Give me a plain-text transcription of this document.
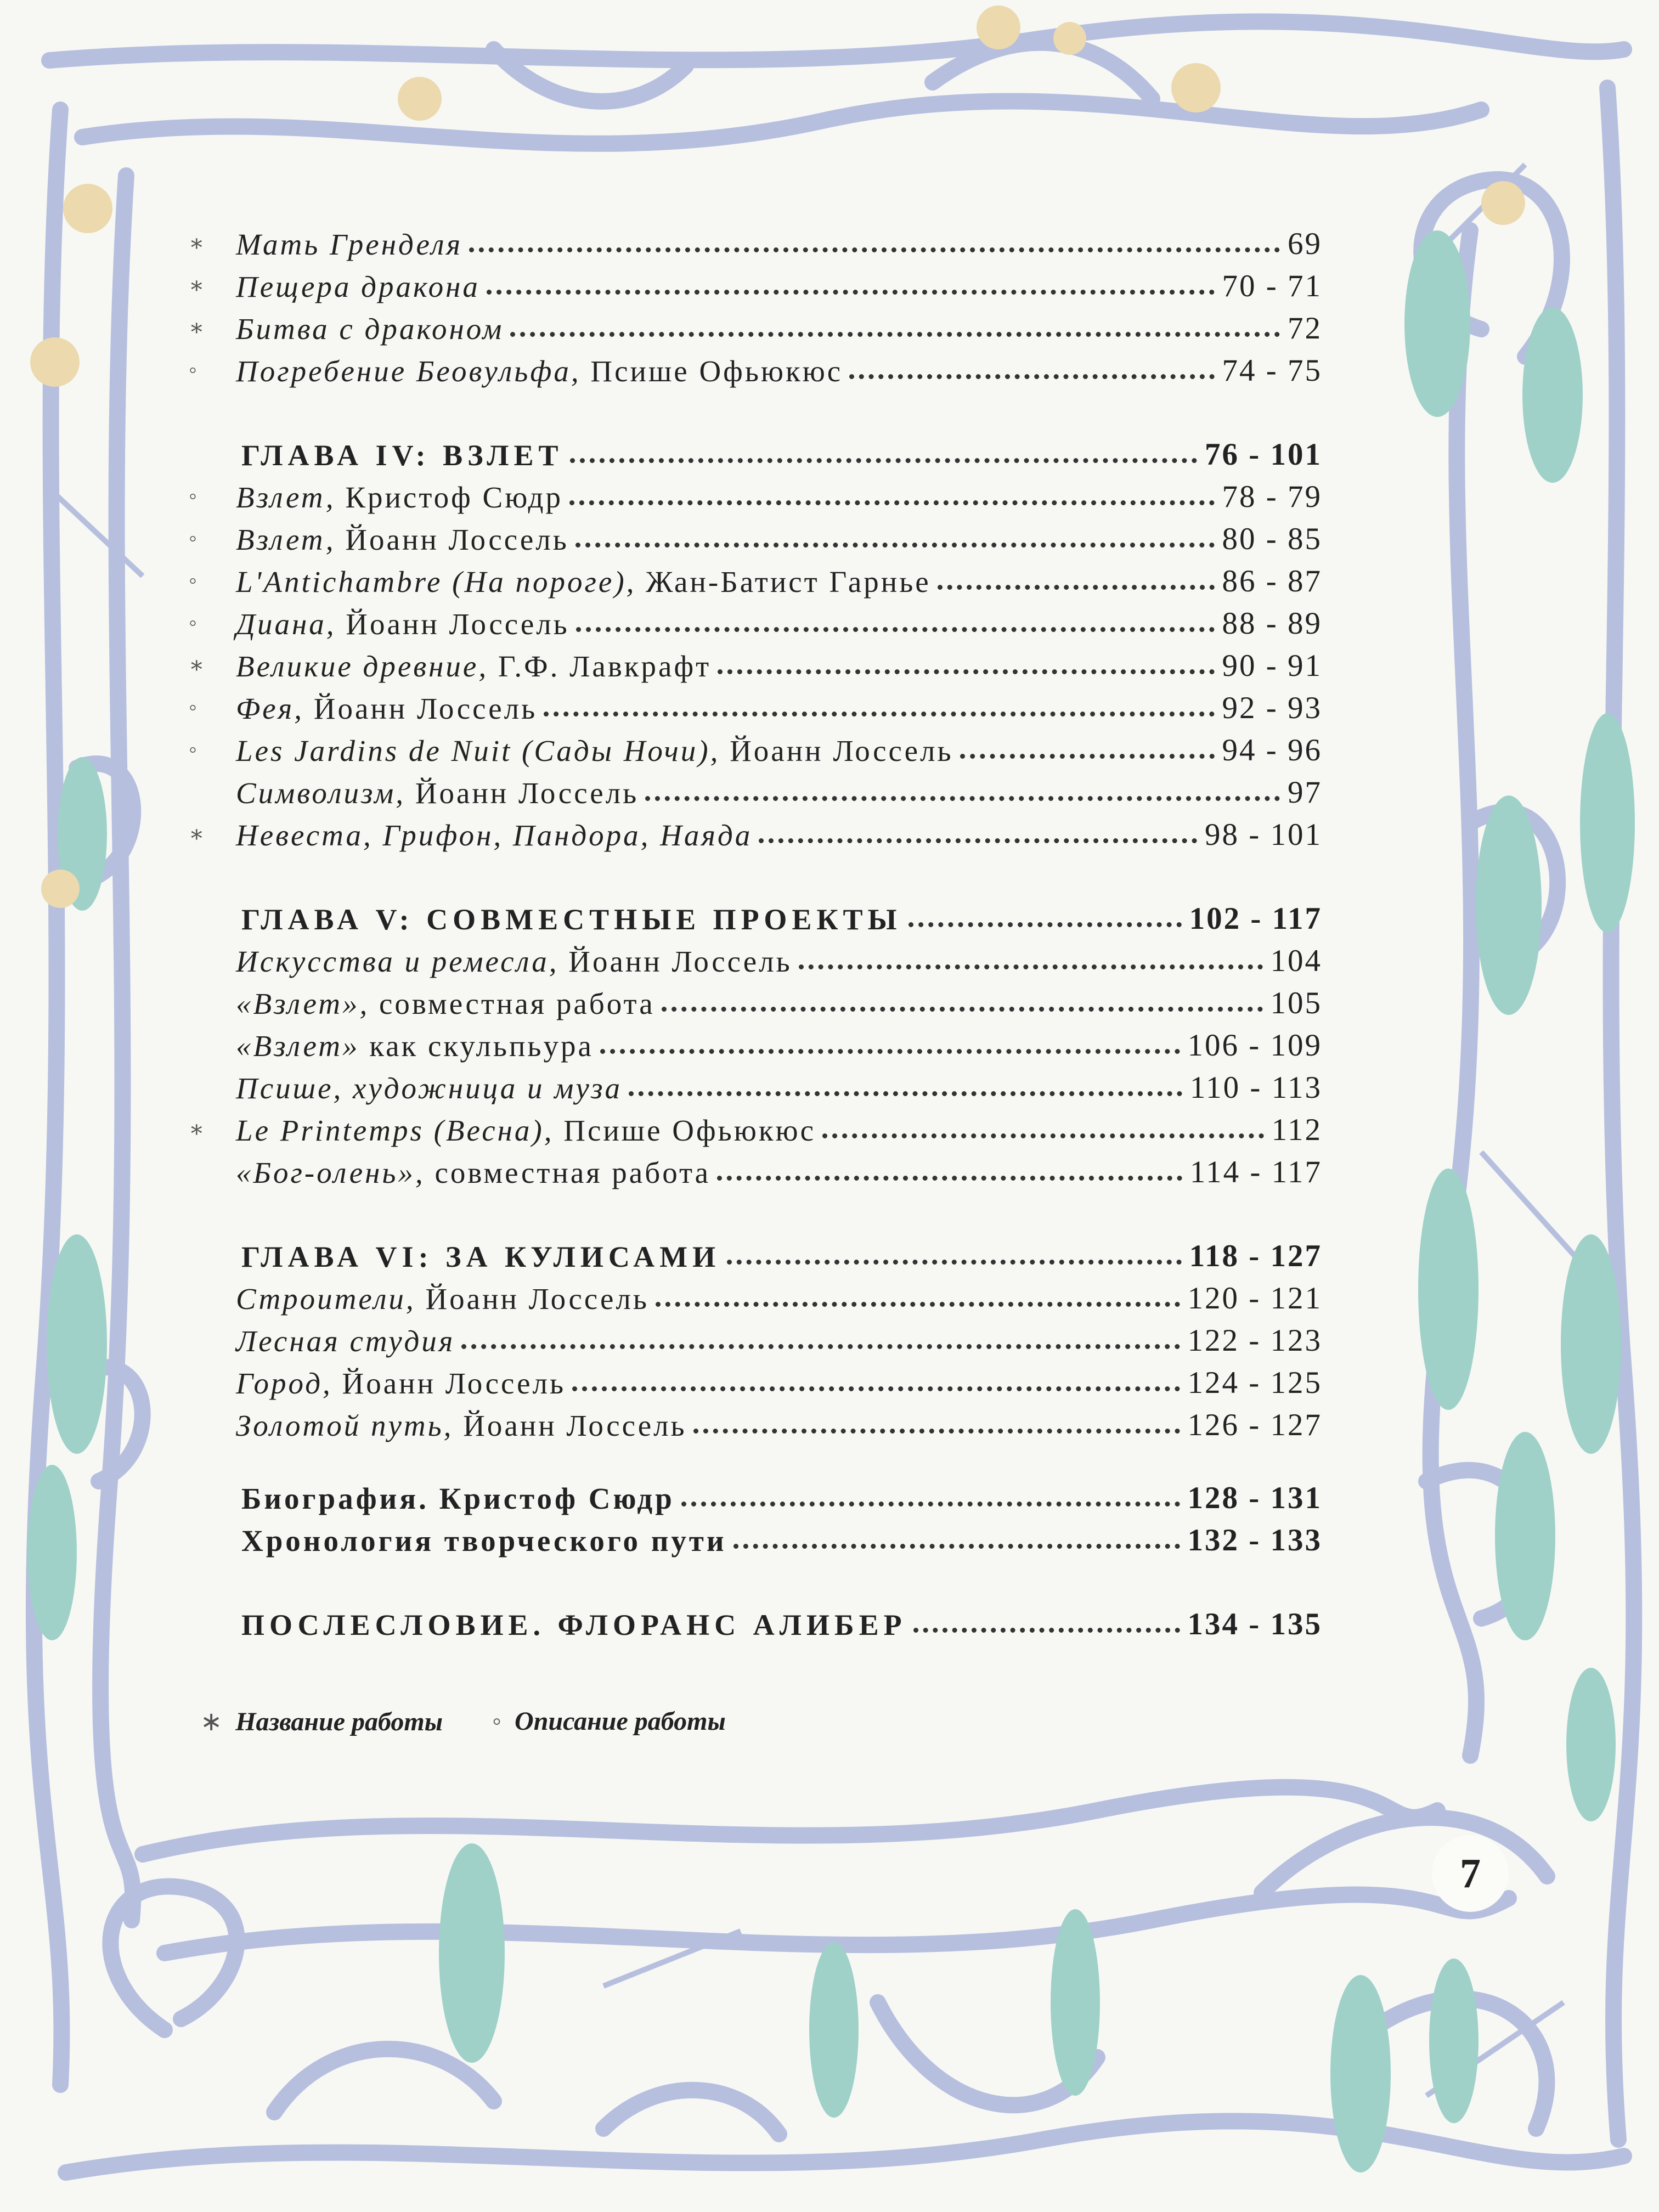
∗	Мать Гренделя	69
∗	Пещера дракона	70 - 71
∗	Битва с драконом	72
◦	Погребение Беовульфа, Псише Офьюкюс	74 - 75
ГЛАВА IV: ВЗЛЕТ	76 - 101
◦	Взлет, Кристоф Сюдр	78 - 79
◦	Взлет, Йоанн Лоссель	80 - 85
◦	L'Antichambre (На пороге), Жан-Батист Гарнье	86 - 87
◦	Диана, Йоанн Лоссель	88 - 89
∗	Великие древние, Г.Ф. Лавкрафт	90 - 91
◦	Фея, Йоанн Лоссель	92 - 93
◦	Les Jardins de Nuit (Сады Ночи), Йоанн Лоссель	94 - 96
Символизм, Йоанн Лоссель	97
∗	Невеста, Грифон, Пандора, Наяда	98 - 101
ГЛАВА V: СОВМЕСТНЫЕ ПРОЕКТЫ	102 - 117
Искусства и ремесла, Йоанн Лоссель	104
«Взлет», совместная работа	105
«Взлет» как скульпьура	106 - 109
Псише, художница и муза	110 - 113
∗	Le Printemps (Весна), Псише Офьюкюс	112
«Бог-олень», совместная работа	114 - 117
ГЛАВА VI: ЗА КУЛИСАМИ	118 - 127
Строители, Йоанн Лоссель	120 - 121
Лесная студия	122 - 123
Город, Йоанн Лоссель	124 - 125
Золотой путь, Йоанн Лоссель	126 - 127
Биография. Кристоф Сюдр	128 - 131
Хронология творческого пути	132 - 133
ПОСЛЕСЛОВИЕ. ФЛОРАНС АЛИБЕР	134 - 135
∗ Название работы ◦ Описание работы
7
